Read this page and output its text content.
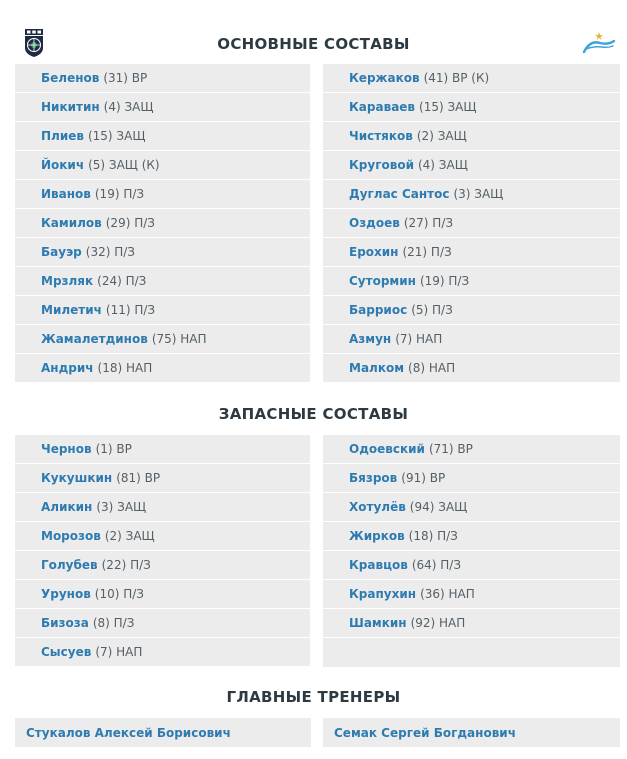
ОСНОВНЫЕ СОСТАВЫ
Беленов (31) ВР
Никитин (4) ЗАЩ
Плиев (15) ЗАЩ
Йокич (5) ЗАЩ (К)
Иванов (19) П/З
Камилов (29) П/З
Бауэр (32) П/З
Мрзляк (24) П/З
Милетич (11) П/З
Жамалетдинов (75) НАП
Андрич (18) НАП
Кержаков (41) ВР (К)
Караваев (15) ЗАЩ
Чистяков (2) ЗАЩ
Круговой (4) ЗАЩ
Дуглас Сантос (3) ЗАЩ
Оздоев (27) П/З
Ерохин (21) П/З
Сутормин (19) П/З
Барриос (5) П/З
Азмун (7) НАП
Малком (8) НАП
ЗАПАСНЫЕ СОСТАВЫ
Чернов (1) ВР
Кукушкин (81) ВР
Аликин (3) ЗАЩ
Морозов (2) ЗАЩ
Голубев (22) П/З
Урунов (10) П/З
Бизоза (8) П/З
Сысуев (7) НАП
Одоевский (71) ВР
Бязров (91) ВР
Хотулёв (94) ЗАЩ
Жирков (18) П/З
Кравцов (64) П/З
Крапухин (36) НАП
Шамкин (92) НАП
ГЛАВНЫЕ ТРЕНЕРЫ
Стукалов Алексей Борисович	Семак Сергей Богданович
